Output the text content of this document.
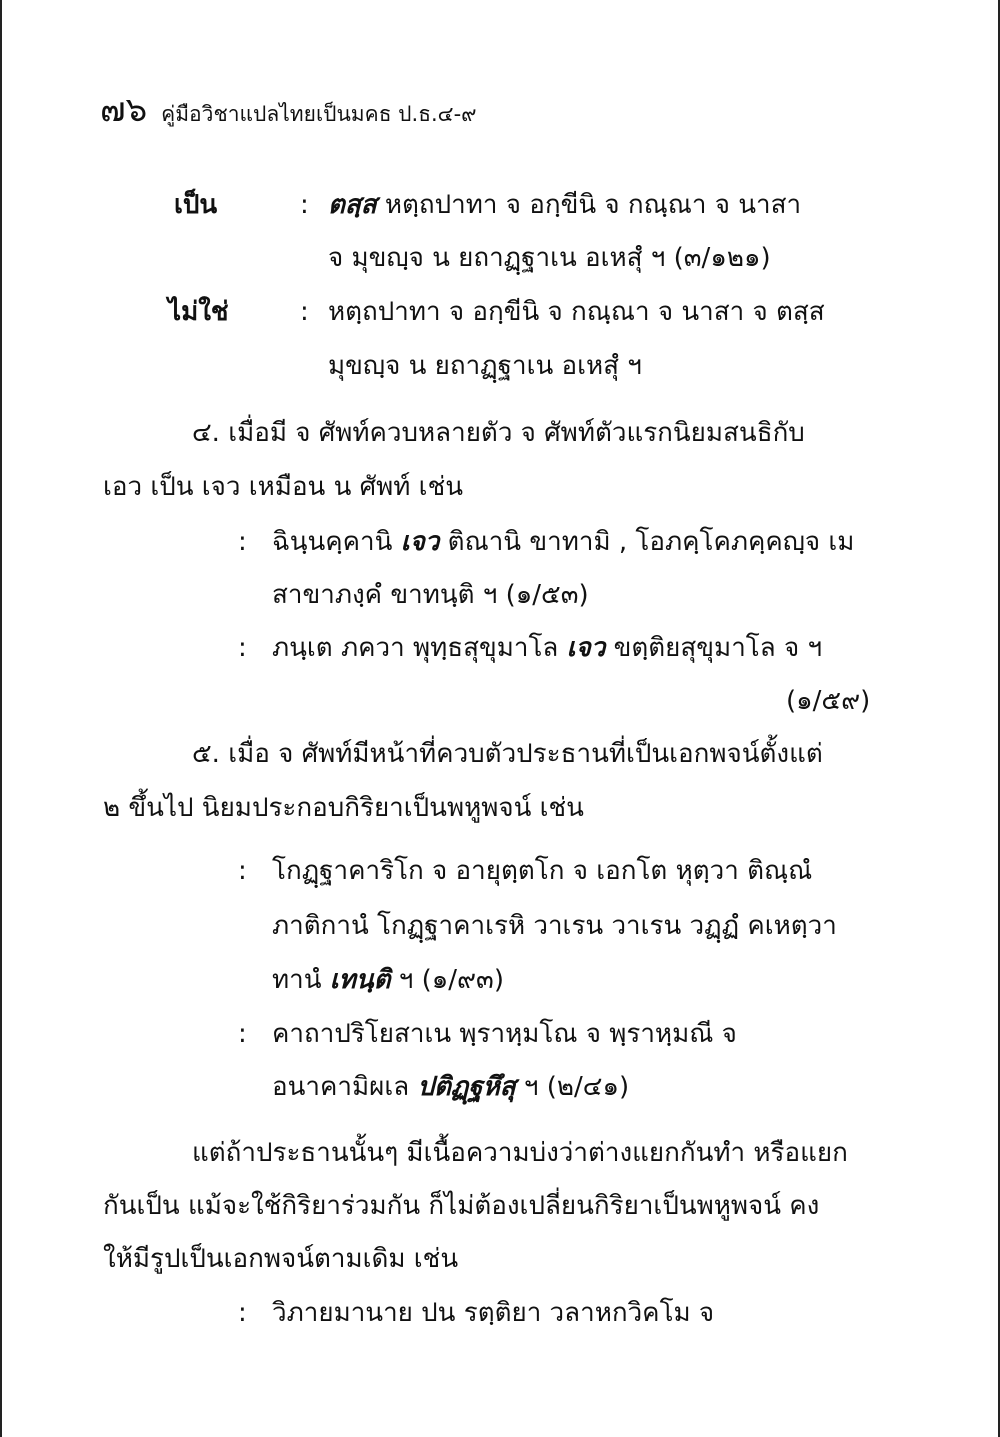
๗๖ คู่มือวิชาแปลไทยเป็นมคธ ป.ธ.๔-๙
เป็น	: ตสฺส หตฺถปาทา จ อกฺขีนิ จ กณฺณา จ นาสา
จ มุขญฺจ น ยถาฏฺฐาเน อเหสุํ ฯ (๓/๑๒๑)
ไม่ใช่	: หตฺถปาทา จ อกฺขีนิ จ กณฺณา จ นาสา จ ตสฺส
มุขญฺจ น ยถาฏฺฐาเน อเหสุํ ฯ
๔. เมื่อมี จ ศัพท์ควบหลายตัว จ ศัพท์ตัวแรกนิยมสนธิกับ
เอว เป็น เจว เหมือน น ศัพท์ เช่น
: ฉินฺนคฺคานิ เจว ติณานิ ขาทามิ , โอภคฺโคภคฺคญฺจ เม
สาขาภงฺคํ ขาทนฺติ ฯ (๑/๕๓)
: ภนฺเต ภควา พุทฺธสุขุมาโล เจว ขตฺติยสุขุมาโล จ ฯ
(๑/๕๙)
๕. เมื่อ จ ศัพท์มีหน้าที่ควบตัวประธานที่เป็นเอกพจน์ตั้งแต่
๒ ขึ้นไป นิยมประกอบกิริยาเป็นพหูพจน์ เช่น
: โกฏฺฐาคาริโก จ อายุตฺตโก จ เอกโต หุตฺวา ติณฺณํ
ภาติกานํ โกฏฺฐาคาเรหิ วาเรน วาเรน วฏฺฏํ คเหตฺวา
ทานํ เทนฺติ ฯ (๑/๙๓)
: คาถาปริโยสาเน พฺราหฺมโณ จ พฺราหฺมณี จ
อนาคามิผเล ปติฏฺฐหึสุ ฯ (๒/๔๑)
แต่ถ้าประธานนั้นๆ มีเนื้อความบ่งว่าต่างแยกกันทำ หรือแยก
กันเป็น แม้จะใช้กิริยาร่วมกัน ก็ไม่ต้องเปลี่ยนกิริยาเป็นพหูพจน์ คง
ให้มีรูปเป็นเอกพจน์ตามเดิม เช่น
: วิภายมานาย ปน รตฺติยา วลาหกวิคโม จ
